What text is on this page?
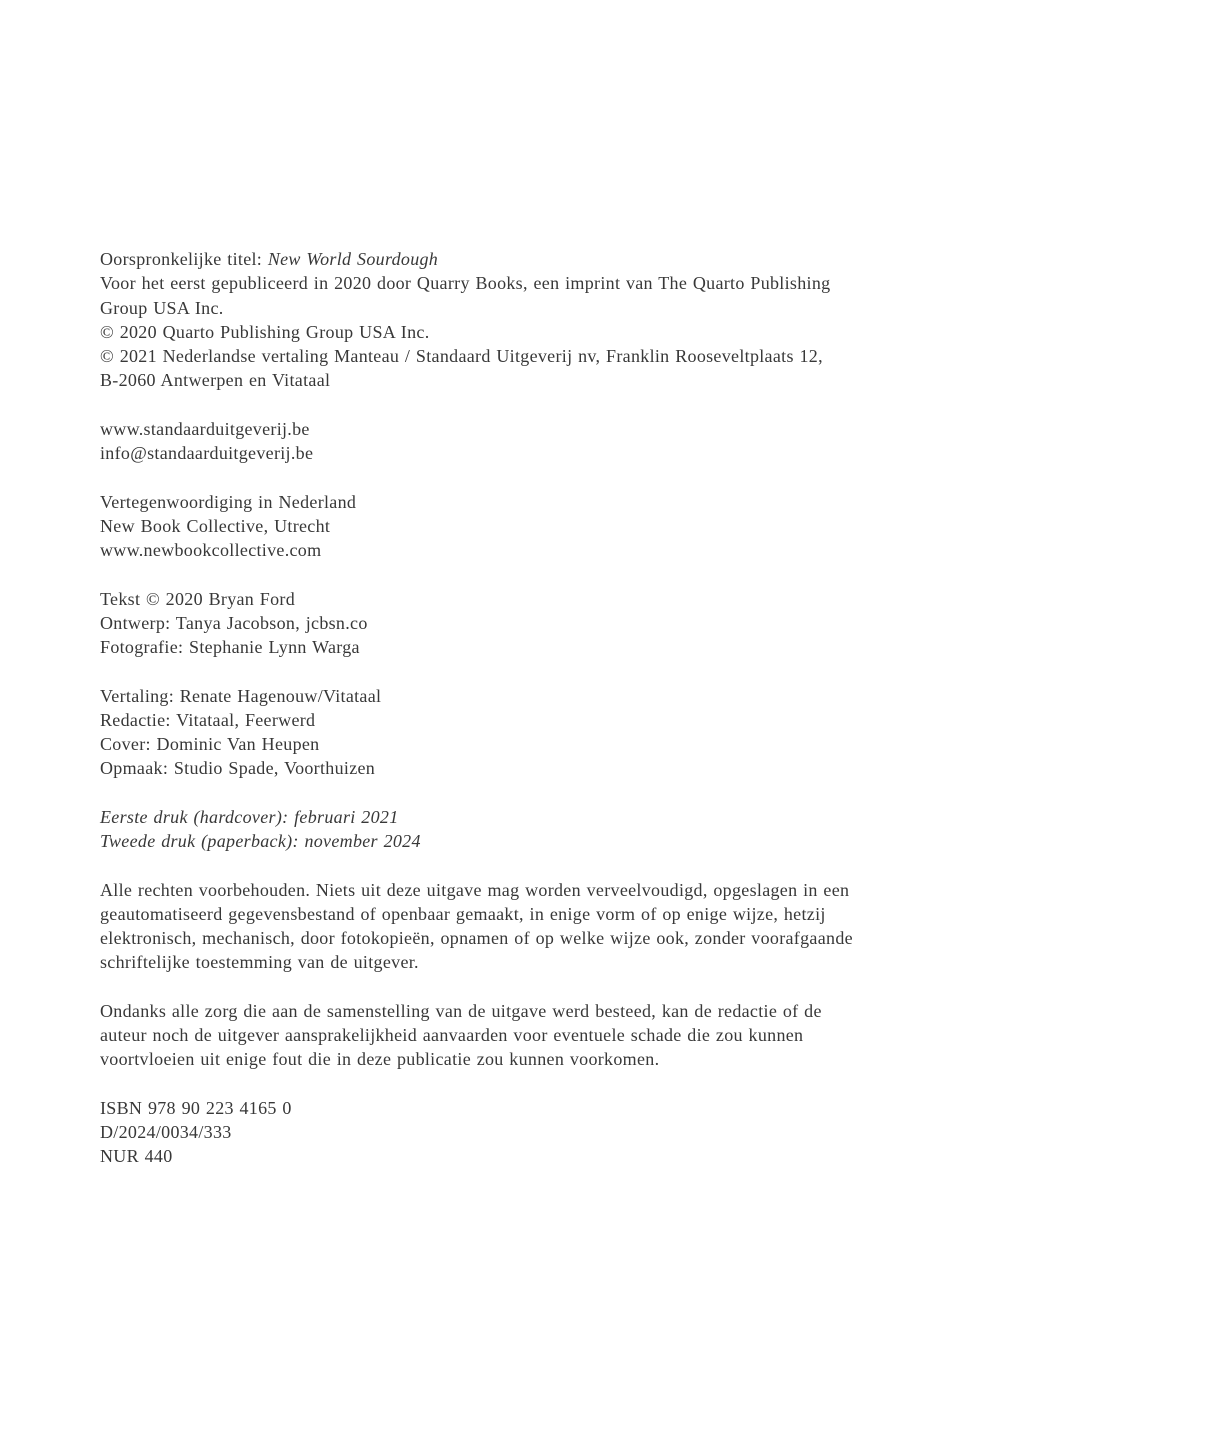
Oorspronkelijke titel: New World Sourdough

Voor het eerst gepubliceerd in 2020 door Quarry Books, een imprint van The Quarto Publishing

Group USA Inc.

© 2020 Quarto Publishing Group USA Inc.

© 2021 Nederlandse vertaling Manteau / Standaard Uitgeverij nv, Franklin Rooseveltplaats 12,

B-2060 Antwerpen en Vitataal

www.standaarduitgeverij.be

info@standaarduitgeverij.be

Vertegenwoordiging in Nederland

New Book Collective, Utrecht

www.newbookcollective.com

Tekst © 2020 Bryan Ford

Ontwerp: Tanya Jacobson, jcbsn.co

Fotografie: Stephanie Lynn Warga

Vertaling: Renate Hagenouw/Vitataal

Redactie: Vitataal, Feerwerd

Cover: Dominic Van Heupen

Opmaak: Studio Spade, Voorthuizen

Eerste druk (hardcover): februari 2021

Tweede druk (paperback): november 2024

Alle rechten voorbehouden. Niets uit deze uitgave mag worden verveelvoudigd, opgeslagen in een

geautomatiseerd gegevensbestand of openbaar gemaakt, in enige vorm of op enige wijze, hetzij

elektronisch, mechanisch, door fotokopieën, opnamen of op welke wijze ook, zonder voorafgaande

schriftelijke toestemming van de uitgever.

Ondanks alle zorg die aan de samenstelling van de uitgave werd besteed, kan de redactie of de

auteur noch de uitgever aansprakelijkheid aanvaarden voor eventuele schade die zou kunnen

voortvloeien uit enige fout die in deze publicatie zou kunnen voorkomen.

ISBN 978 90 223 4165 0

D/2024/0034/333

NUR 440
